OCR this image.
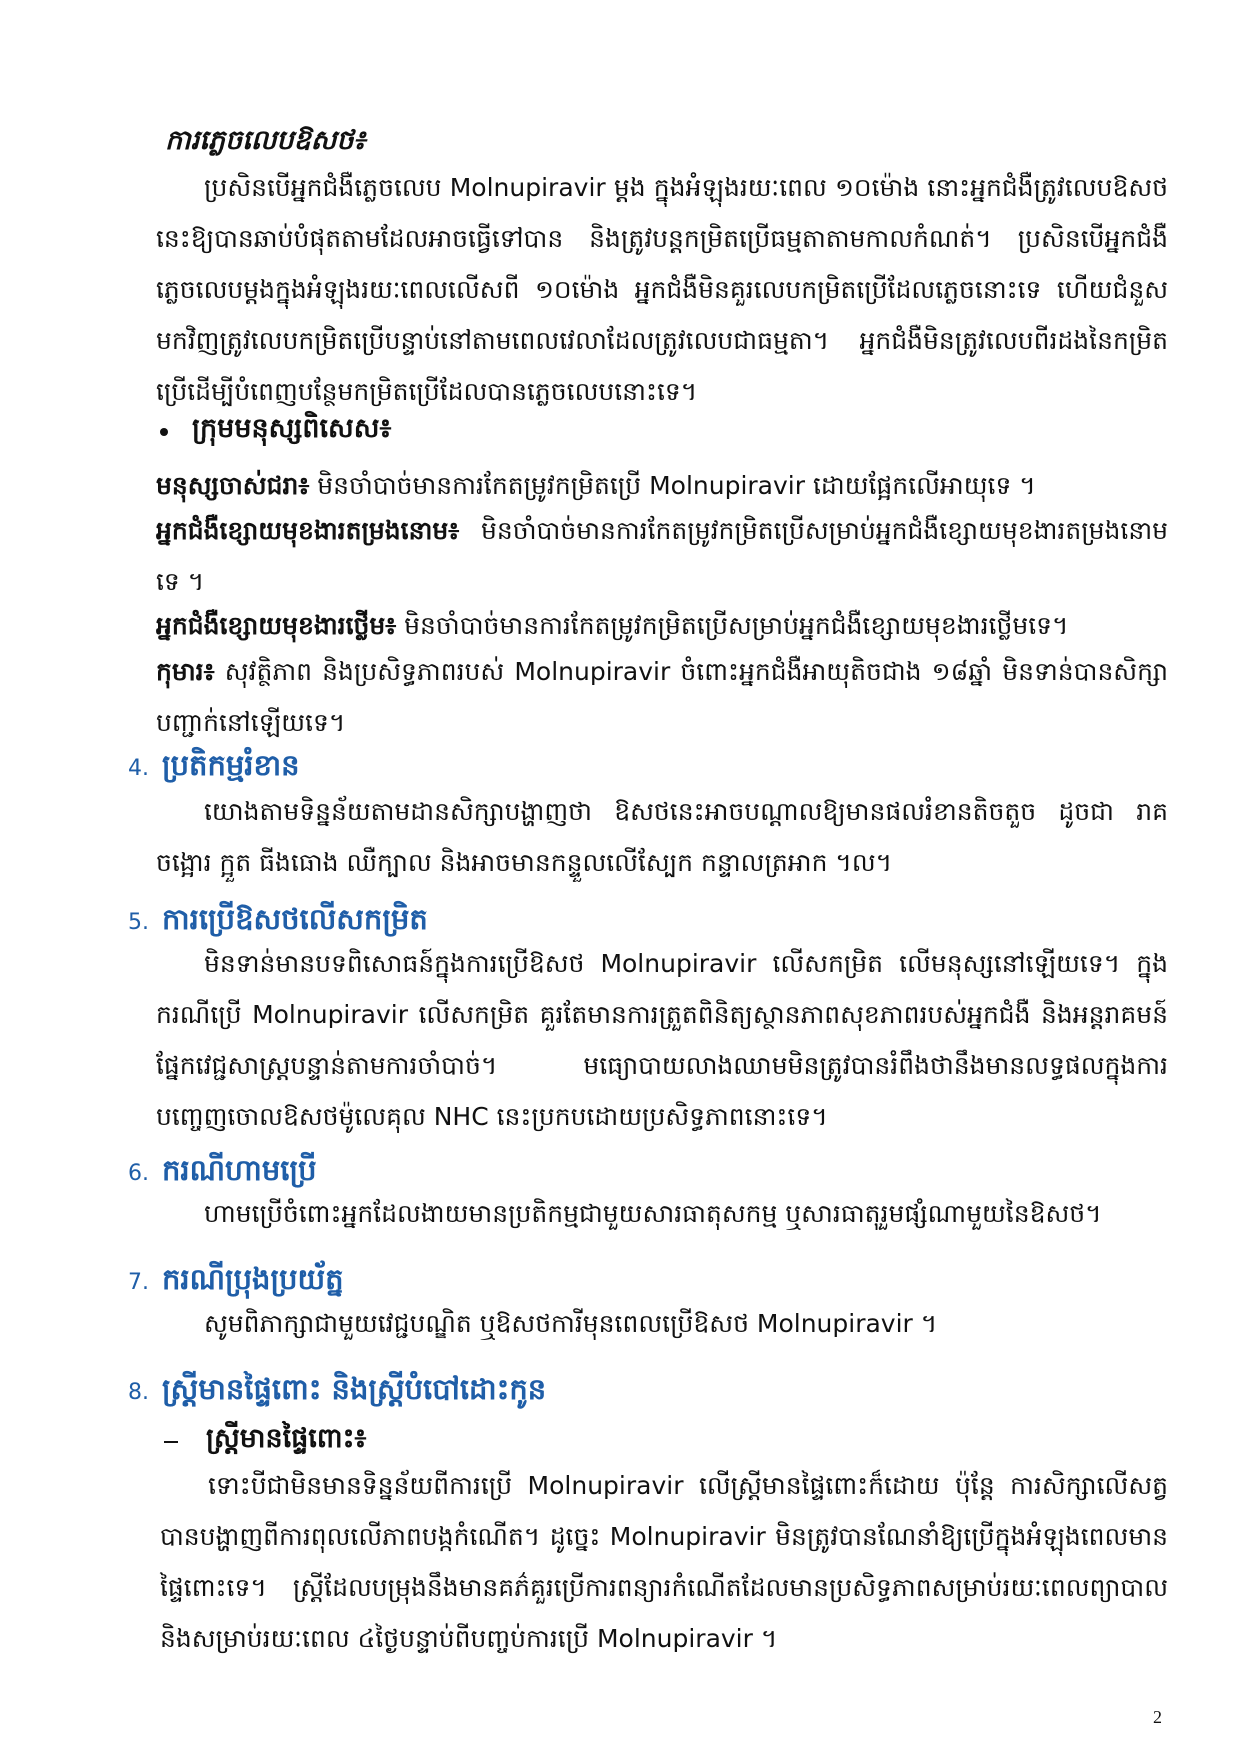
ការភ្លេចលេបឱសថ៖

ប្រសិនបើអ្នកជំងឺភ្លេចលេប Molnupiravir ម្តង ក្នុងអំឡុងរយៈពេល ១០ម៉ោង នោះអ្នកជំងឺត្រូវលេបឱសថនេះឱ្យបានឆាប់បំផុតតាមដែលអាចធ្វើទៅបាន និងត្រូវបន្តកម្រិតប្រើធម្មតាតាមកាលកំណត់។ ប្រសិនបើអ្នកជំងឺភ្លេចលេបម្តងក្នុងអំឡុងរយៈពេលលើសពី ១០ម៉ោង អ្នកជំងឺមិនគួរលេបកម្រិតប្រើដែលភ្លេចនោះទេ ហើយជំនួសមកវិញត្រូវលេបកម្រិតប្រើបន្ទាប់នៅតាមពេលវេលាដែលត្រូវលេបជាធម្មតា។ អ្នកជំងឺមិនត្រូវលេបពីរដងនៃកម្រិតប្រើដើម្បីបំពេញបន្ថែមកម្រិតប្រើដែលបានភ្លេចលេបនោះទេ។

ក្រុមមនុស្សពិសេស៖

មនុស្សចាស់ជរា៖ មិនចាំបាច់មានការកែតម្រូវកម្រិតប្រើ Molnupiravir ដោយផ្អែកលើអាយុទេ ។

អ្នកជំងឺខ្សោយមុខងារតម្រងនោម៖ មិនចាំបាច់មានការកែតម្រូវកម្រិតប្រើសម្រាប់អ្នកជំងឺខ្សោយមុខងារតម្រងនោមទេ ។

អ្នកជំងឺខ្សោយមុខងារថ្លើម៖ មិនចាំបាច់មានការកែតម្រូវកម្រិតប្រើសម្រាប់អ្នកជំងឺខ្សោយមុខងារថ្លើមទេ។

កុមារ៖ សុវត្ថិភាព និងប្រសិទ្ធភាពរបស់ Molnupiravir ចំពោះអ្នកជំងឺអាយុតិចជាង ១៨ឆ្នាំ មិនទាន់បានសិក្សាបញ្ជាក់នៅឡើយទេ។

4. ប្រតិកម្មរំខាន

យោងតាមទិន្នន័យតាមដានសិក្សាបង្ហាញថា ឱសថនេះអាចបណ្តាលឱ្យមានផលរំខានតិចតួច ដូចជា រាគ ចង្អោរ ក្អួត ធីងធោង ឈឺក្បាល និងអាចមានកន្ទួលលើស្បែក កន្ទាលត្រអាក ។ល។

5. ការប្រើឱសថលើសកម្រិត

មិនទាន់មានបទពិសោធន៍ក្នុងការប្រើឱសថ Molnupiravir លើសកម្រិត លើមនុស្សនៅឡើយទេ។ ក្នុងករណីប្រើ Molnupiravir លើសកម្រិត គួរតែមានការត្រួតពិនិត្យស្ថានភាពសុខភាពរបស់អ្នកជំងឺ និងអន្តរាគមន៍ផ្នែកវេជ្ជសាស្ត្របន្ទាន់តាមការចាំបាច់។ មធ្យោបាយលាងឈាមមិនត្រូវបានរំពឹងថានឹងមានលទ្ធផលក្នុងការបញ្ចេញចោលឱសថម៉ូលេគុល NHC នេះប្រកបដោយប្រសិទ្ធភាពនោះទេ។

6. ករណីហាមប្រើ

ហាមប្រើចំពោះអ្នកដែលងាយមានប្រតិកម្មជាមួយសារធាតុសកម្ម ឬសារធាតុរួមផ្សំណាមួយនៃឱសថ។

7. ករណីប្រុងប្រយ័ត្ន

សូមពិភាក្សាជាមួយវេជ្ជបណ្ឌិត ឬឱសថការីមុនពេលប្រើឱសថ Molnupiravir ។

8. ស្ត្រីមានផ្ទៃពោះ និងស្ត្រីបំបៅដោះកូន

ស្ត្រីមានផ្ទៃពោះ៖

ទោះបីជាមិនមានទិន្នន័យពីការប្រើ Molnupiravir លើស្ត្រីមានផ្ទៃពោះក៏ដោយ ប៉ុន្តែ ការសិក្សាលើសត្វបានបង្ហាញពីការពុលលើភាពបង្កកំណើត។ ដូច្នេះ Molnupiravir មិនត្រូវបានណែនាំឱ្យប្រើក្នុងអំឡុងពេលមានផ្ទៃពោះទេ។ ស្ត្រីដែលបម្រុងនឹងមានគភ៌គួរប្រើការពន្យារកំណើតដែលមានប្រសិទ្ធភាពសម្រាប់រយៈពេលព្យាបាល និងសម្រាប់រយៈពេល ៤ថ្ងៃបន្ទាប់ពីបញ្ចប់ការប្រើ Molnupiravir ។

2
